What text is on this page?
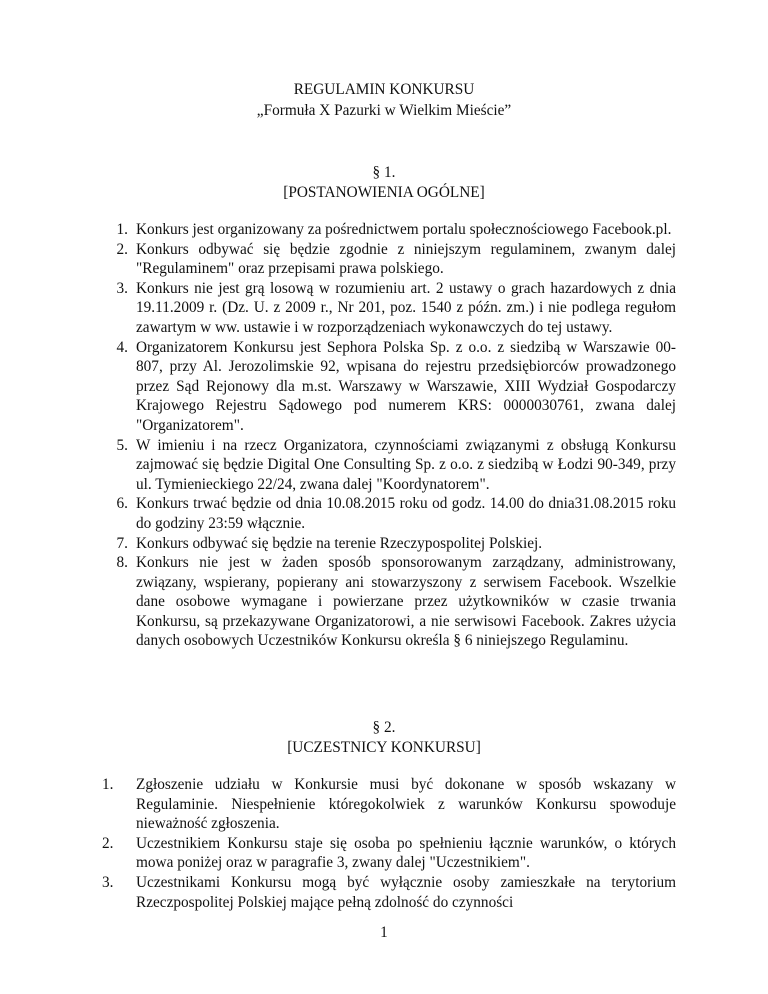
REGULAMIN KONKURSU
„Formuła X Pazurki w Wielkim Mieście”
§ 1.
[POSTANOWIENIA OGÓLNE]
1. Konkurs jest organizowany za pośrednictwem portalu społecznościowego Facebook.pl.
2. Konkurs odbywać się będzie zgodnie z niniejszym regulaminem, zwanym dalej "Regulaminem" oraz przepisami prawa polskiego.
3. Konkurs nie jest grą losową w rozumieniu art. 2 ustawy o grach hazardowych z dnia 19.11.2009 r. (Dz. U. z 2009 r., Nr 201, poz. 1540 z późn. zm.) i nie podlega regułom zawartym w ww. ustawie i w rozporządzeniach wykonawczych do tej ustawy.
4. Organizatorem Konkursu jest Sephora Polska Sp. z o.o. z siedzibą w Warszawie 00-807, przy Al. Jerozolimskie 92, wpisana do rejestru przedsiębiorców prowadzonego przez Sąd Rejonowy dla m.st. Warszawy w Warszawie, XIII Wydział Gospodarczy Krajowego Rejestru Sądowego pod numerem KRS: 0000030761, zwana dalej "Organizatorem".
5. W imieniu i na rzecz Organizatora, czynnościami związanymi z obsługą Konkursu zajmować się będzie Digital One Consulting Sp. z o.o. z siedzibą w Łodzi 90-349, przy ul. Tymienieckiego 22/24, zwana dalej "Koordynatorem".
6. Konkurs trwać będzie od dnia 10.08.2015 roku od godz. 14.00 do dnia31.08.2015 roku do godziny 23:59 włącznie.
7. Konkurs odbywać się będzie na terenie Rzeczypospolitej Polskiej.
8. Konkurs nie jest w żaden sposób sponsorowanym zarządzany, administrowany, związany, wspierany, popierany ani stowarzyszony z serwisem Facebook. Wszelkie dane osobowe wymagane i powierzane przez użytkowników w czasie trwania Konkursu, są przekazywane Organizatorowi, a nie serwisowi Facebook. Zakres użycia danych osobowych Uczestników Konkursu określa § 6 niniejszego Regulaminu.
§ 2.
[UCZESTNICY KONKURSU]
1.	Zgłoszenie udziału w Konkursie musi być dokonane w sposób wskazany w Regulaminie. Niespełnienie któregokolwiek z warunków Konkursu spowoduje nieważność zgłoszenia.
2.	Uczestnikiem Konkursu staje się osoba po spełnieniu łącznie warunków, o których mowa poniżej oraz w paragrafie 3, zwany dalej "Uczestnikiem".
3.	Uczestnikami Konkursu mogą być wyłącznie osoby zamieszkałe na terytorium Rzeczpospolitej Polskiej mające pełną zdolność do czynności
1
